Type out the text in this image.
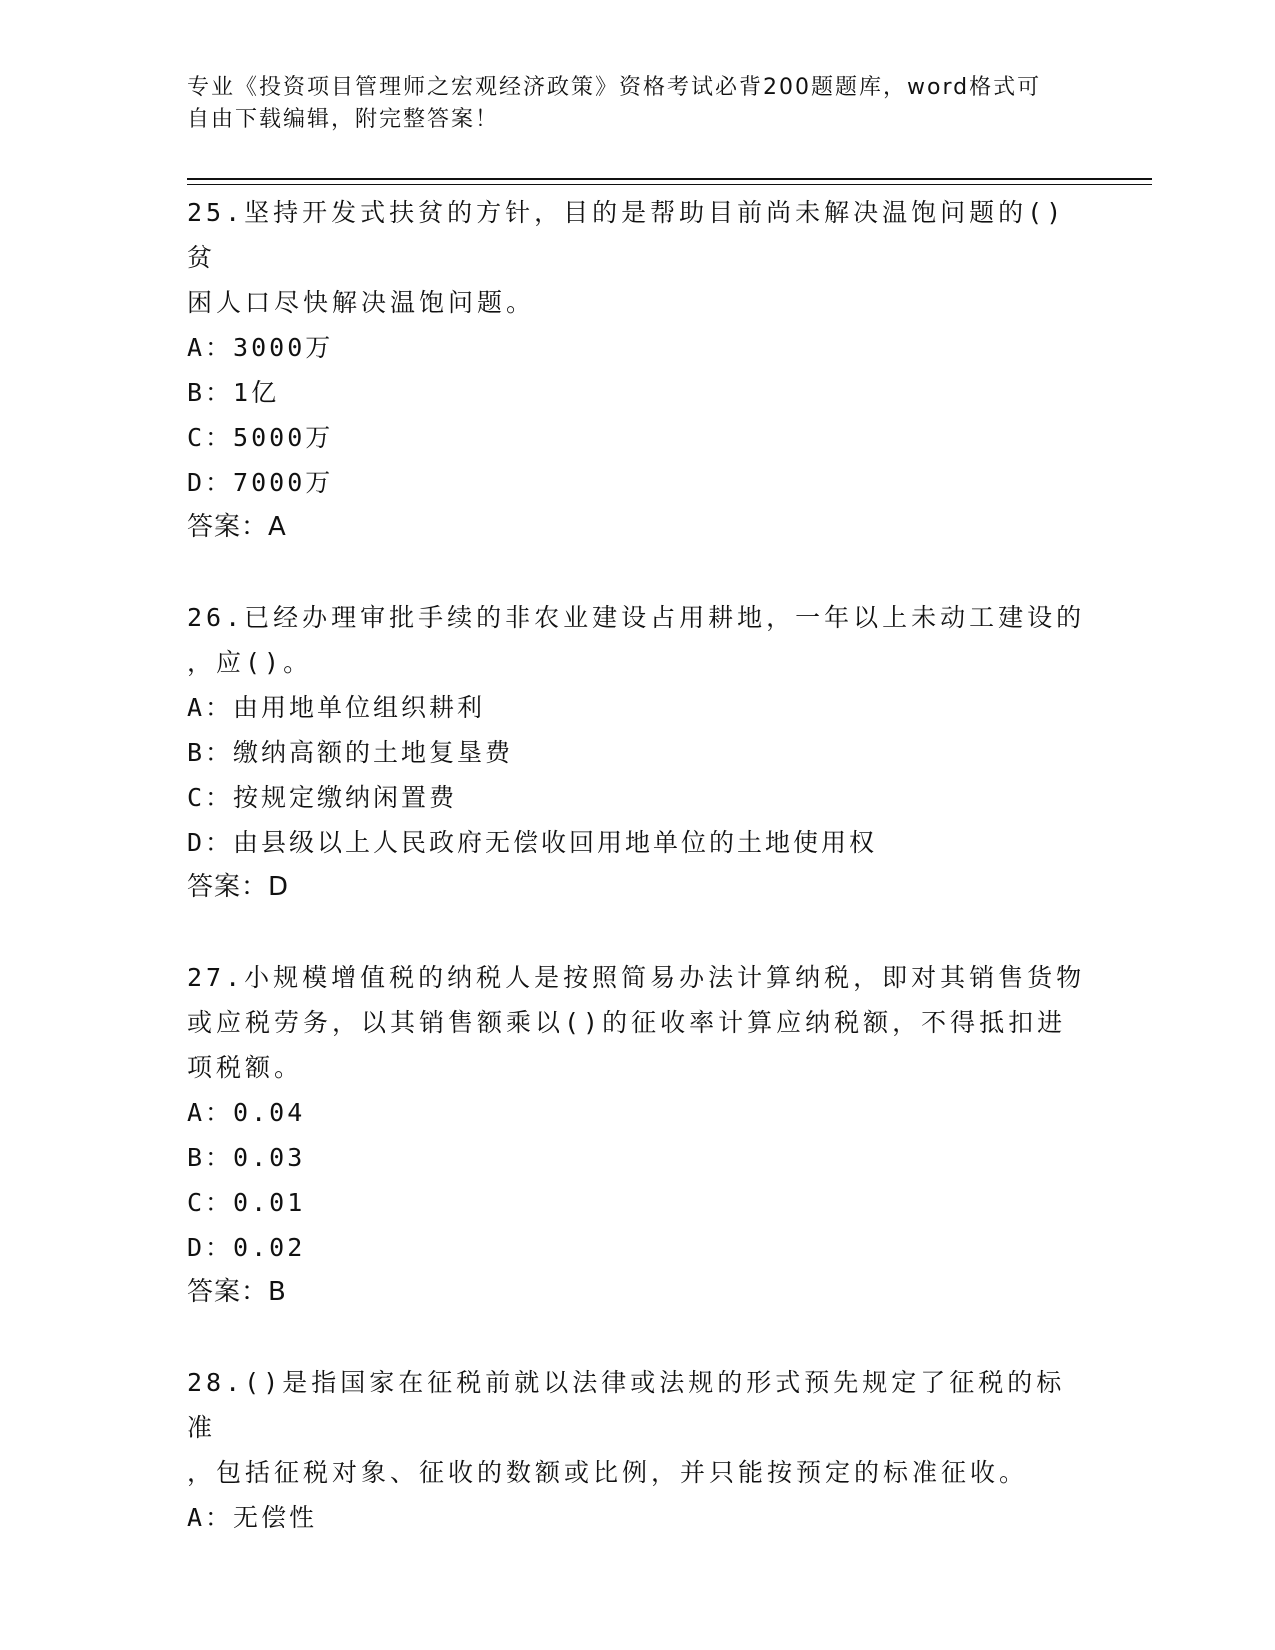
专业《投资项目管理师之宏观经济政策》资格考试必背200题题库，word格式可
自由下载编辑，附完整答案！

25.坚持开发式扶贫的方针，目的是帮助目前尚未解决温饱问题的()贫

困人口尽快解决温饱问题。

A：3000万

B：1亿

C：5000万

D：7000万

答案：A

26.已经办理审批手续的非农业建设占用耕地，一年以上未动工建设的

，应()。

A：由用地单位组织耕利

B：缴纳高额的土地复垦费

C：按规定缴纳闲置费

D：由县级以上人民政府无偿收回用地单位的土地使用权

答案：D

27.小规模增值税的纳税人是按照简易办法计算纳税，即对其销售货物

或应税劳务，以其销售额乘以()的征收率计算应纳税额，不得抵扣进

项税额。

A：0.04

B：0.03

C：0.01

D：0.02

答案：B

28.()是指国家在征税前就以法律或法规的形式预先规定了征税的标准

，包括征税对象、征收的数额或比例，并只能按预定的标准征收。

A：无偿性
